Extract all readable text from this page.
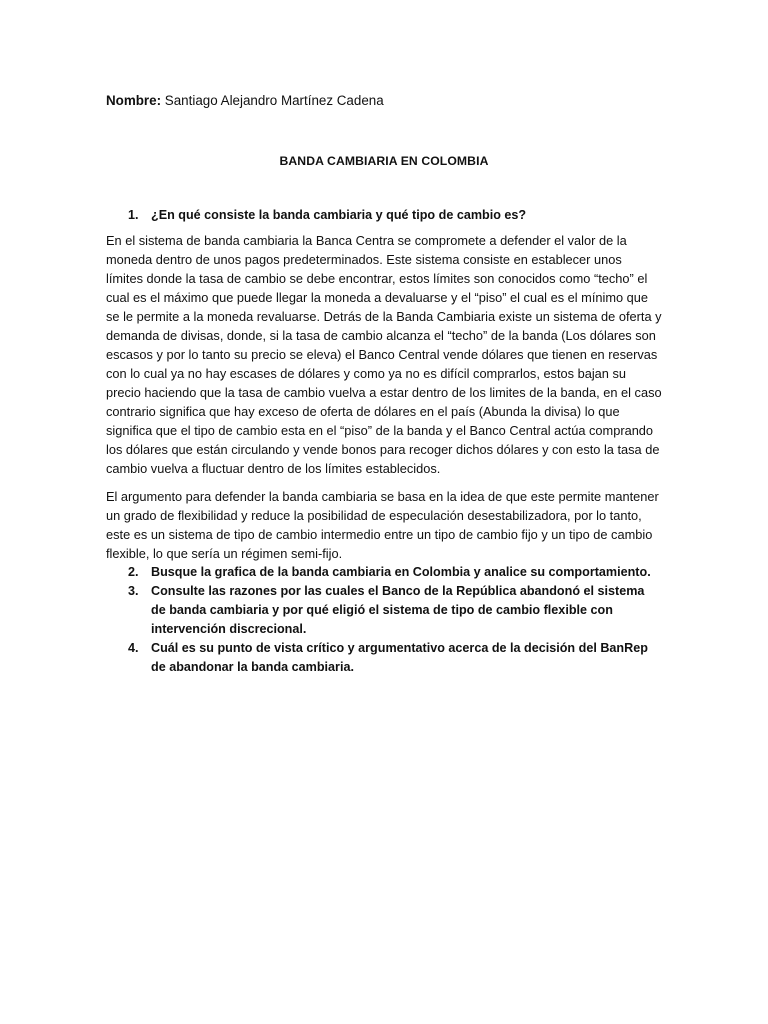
Nombre: Santiago Alejandro Martínez Cadena

BANDA CAMBIARIA EN COLOMBIA
1. ¿En qué consiste la banda cambiaria y qué tipo de cambio es?

En el sistema de banda cambiaria la Banca Centra se compromete a defender el valor de la moneda dentro de unos pagos predeterminados. Este sistema consiste en establecer unos límites donde la tasa de cambio se debe encontrar, estos límites son conocidos como “techo” el cual es el máximo que puede llegar la moneda a devaluarse y el “piso” el cual es el mínimo que se le permite a la moneda revaluarse. Detrás de la Banda Cambiaria existe un sistema de oferta y demanda de divisas, donde, si la tasa de cambio alcanza el “techo” de la banda (Los dólares son escasos y por lo tanto su precio se eleva) el Banco Central vende dólares que tienen en reservas con lo cual ya no hay escases de dólares y como ya no es difícil comprarlos, estos bajan su precio haciendo que la tasa de cambio vuelva a estar dentro de los limites de la banda, en el caso contrario significa que hay exceso de oferta de dólares en el país (Abunda la divisa) lo que significa que el tipo de cambio esta en el “piso” de la banda y el Banco Central actúa comprando los dólares que están circulando y vende bonos para recoger dichos dólares y con esto la tasa de cambio vuelva a fluctuar dentro de los límites establecidos.

El argumento para defender la banda cambiaria se basa en la idea de que este permite mantener un grado de flexibilidad y reduce la posibilidad de especulación desestabilizadora, por lo tanto, este es un sistema de tipo de cambio intermedio entre un tipo de cambio fijo y un tipo de cambio flexible, lo que sería un régimen semi-fijo.

2. Busque la grafica de la banda cambiaria en Colombia y analice su comportamiento.
3. Consulte las razones por las cuales el Banco de la República abandonó el sistema de banda cambiaria y por qué eligió el sistema de tipo de cambio flexible con intervención discrecional.
4. Cuál es su punto de vista crítico y argumentativo acerca de la decisión del BanRep de abandonar la banda cambiaria.
